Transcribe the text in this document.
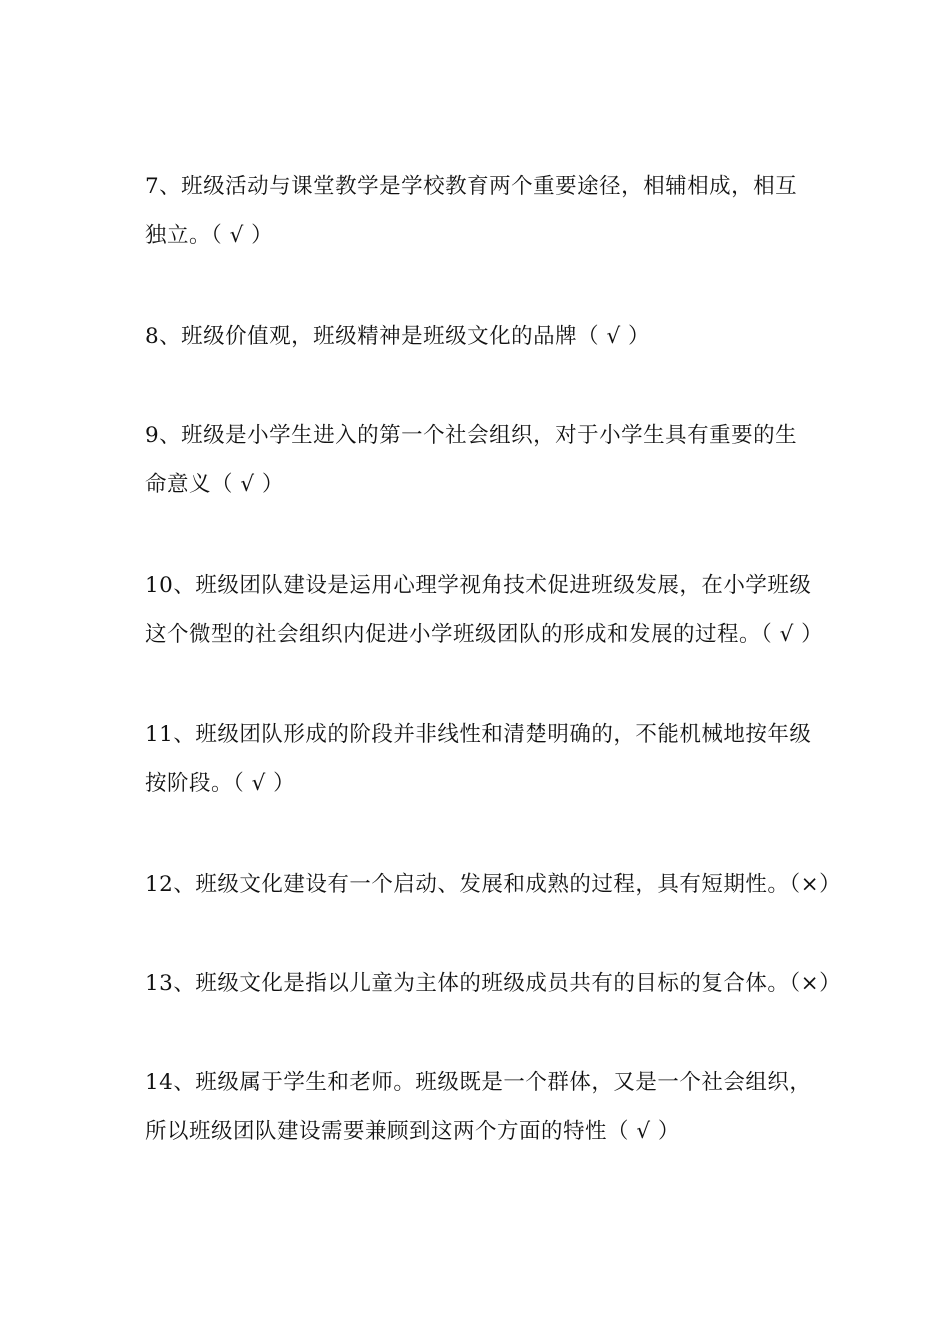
7、班级活动与课堂教学是学校教育两个重要途径，相辅相成，相互
独立。（ √ ）

8、班级价值观，班级精神是班级文化的品牌（ √ ）

9、班级是小学生进入的第一个社会组织，对于小学生具有重要的生
命意义（ √ ）

10、班级团队建设是运用心理学视角技术促进班级发展，在小学班级
这个微型的社会组织内促进小学班级团队的形成和发展的过程。（ √ ）

11、班级团队形成的阶段并非线性和清楚明确的，不能机械地按年级
按阶段。（ √ ）

12、班级文化建设有一个启动、发展和成熟的过程，具有短期性。（×）

13、班级文化是指以儿童为主体的班级成员共有的目标的复合体。（×）

14、班级属于学生和老师。班级既是一个群体，又是一个社会组织，
所以班级团队建设需要兼顾到这两个方面的特性（ √ ）
